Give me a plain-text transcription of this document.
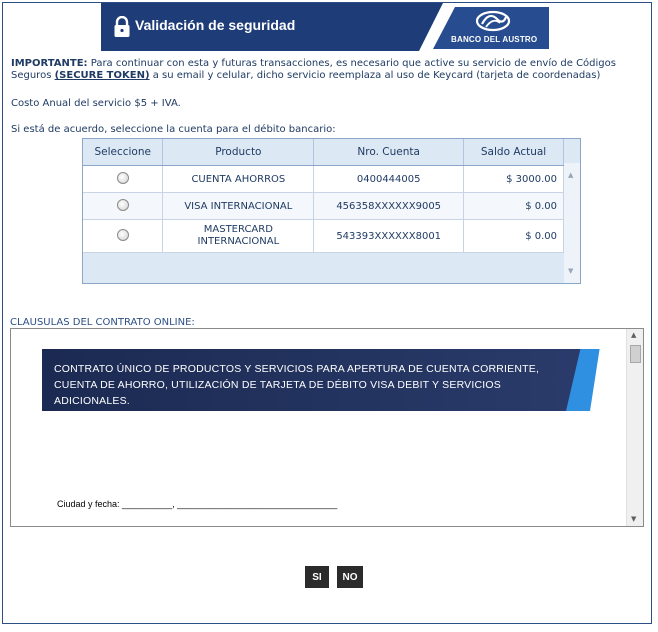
Validación de seguridad
BANCO DEL AUSTRO
IMPORTANTE: Para continuar con esta y futuras transacciones, es necesario que active su servicio de envío de Códigos Seguros (SECURE TOKEN) a su email y celular, dicho servicio reemplaza al uso de Keycard (tarjeta de coordenadas)
Costo Anual del servicio $5 + IVA.
Si está de acuerdo, seleccione la cuenta para el débito bancario:
Seleccione	Producto	Nro. Cuenta	Saldo Actual
	CUENTA AHORROS	0400444005	$ 3000.00
	VISA INTERNACIONAL	456358XXXXXX9005	$ 0.00
	MASTERCARD INTERNACIONAL	543393XXXXXX8001	$ 0.00
▲
▼
CLAUSULAS DEL CONTRATO ONLINE:
CONTRATO ÚNICO DE PRODUCTOS Y SERVICIOS PARA APERTURA DE CUENTA CORRIENTE, CUENTA DE AHORRO, UTILIZACIÓN DE TARJETA DE DÉBITO VISA DEBIT Y SERVICIOS ADICIONALES.
Ciudad y fecha: __________, ________________________________
▲
▼
SI	NO
